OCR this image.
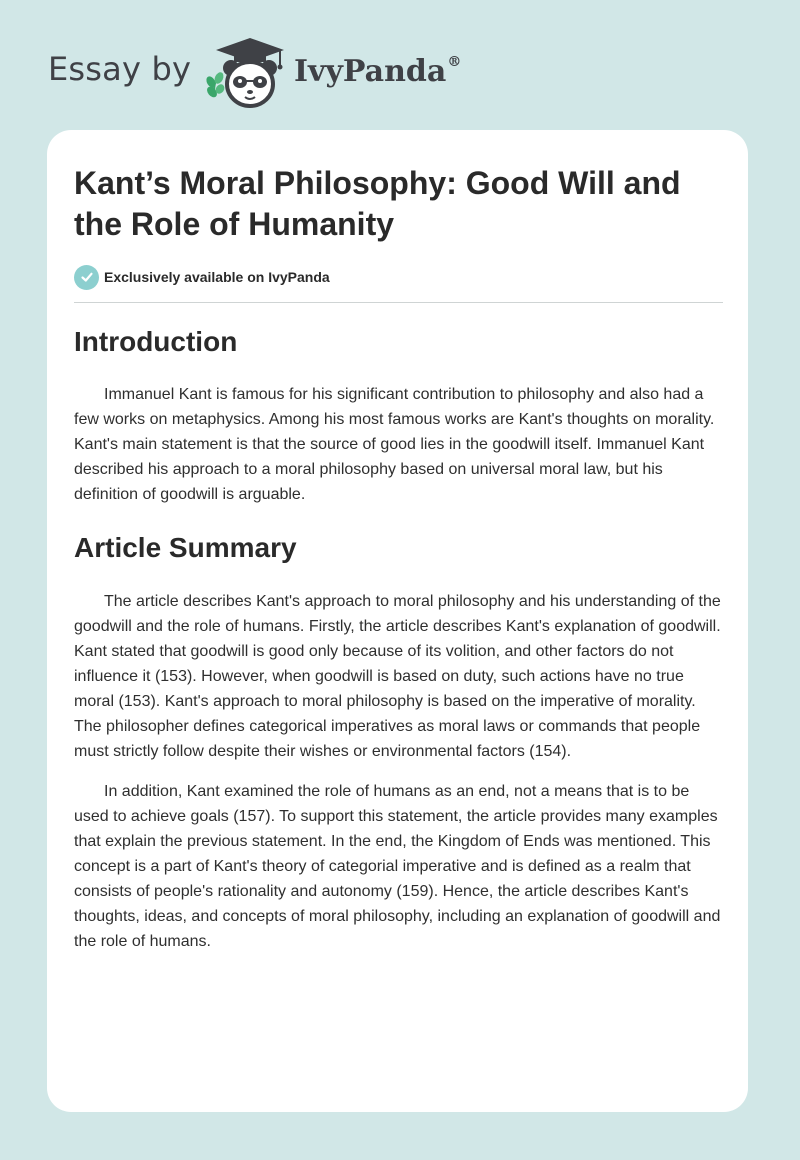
Essay by	IvyPanda®
Kant’s Moral Philosophy: Good Will and the Role of Humanity
Exclusively available on IvyPanda
Introduction

Immanuel Kant is famous for his significant contribution to philosophy and also had a few works on metaphysics. Among his most famous works are Kant's thoughts on morality. Kant's main statement is that the source of good lies in the goodwill itself. Immanuel Kant described his approach to a moral philosophy based on universal moral law, but his definition of goodwill is arguable.

Article Summary

The article describes Kant's approach to moral philosophy and his understanding of the goodwill and the role of humans. Firstly, the article describes Kant's explanation of goodwill. Kant stated that goodwill is good only because of its volition, and other factors do not influence it (153). However, when goodwill is based on duty, such actions have no true moral (153). Kant's approach to moral philosophy is based on the imperative of morality. The philosopher defines categorical imperatives as moral laws or commands that people must strictly follow despite their wishes or environmental factors (154).

In addition, Kant examined the role of humans as an end, not a means that is to be used to achieve goals (157). To support this statement, the article provides many examples that explain the previous statement. In the end, the Kingdom of Ends was mentioned. This concept is a part of Kant's theory of categorial imperative and is defined as a realm that consists of people's rationality and autonomy (159). Hence, the article describes Kant's thoughts, ideas, and concepts of moral philosophy, including an explanation of goodwill and the role of humans.
